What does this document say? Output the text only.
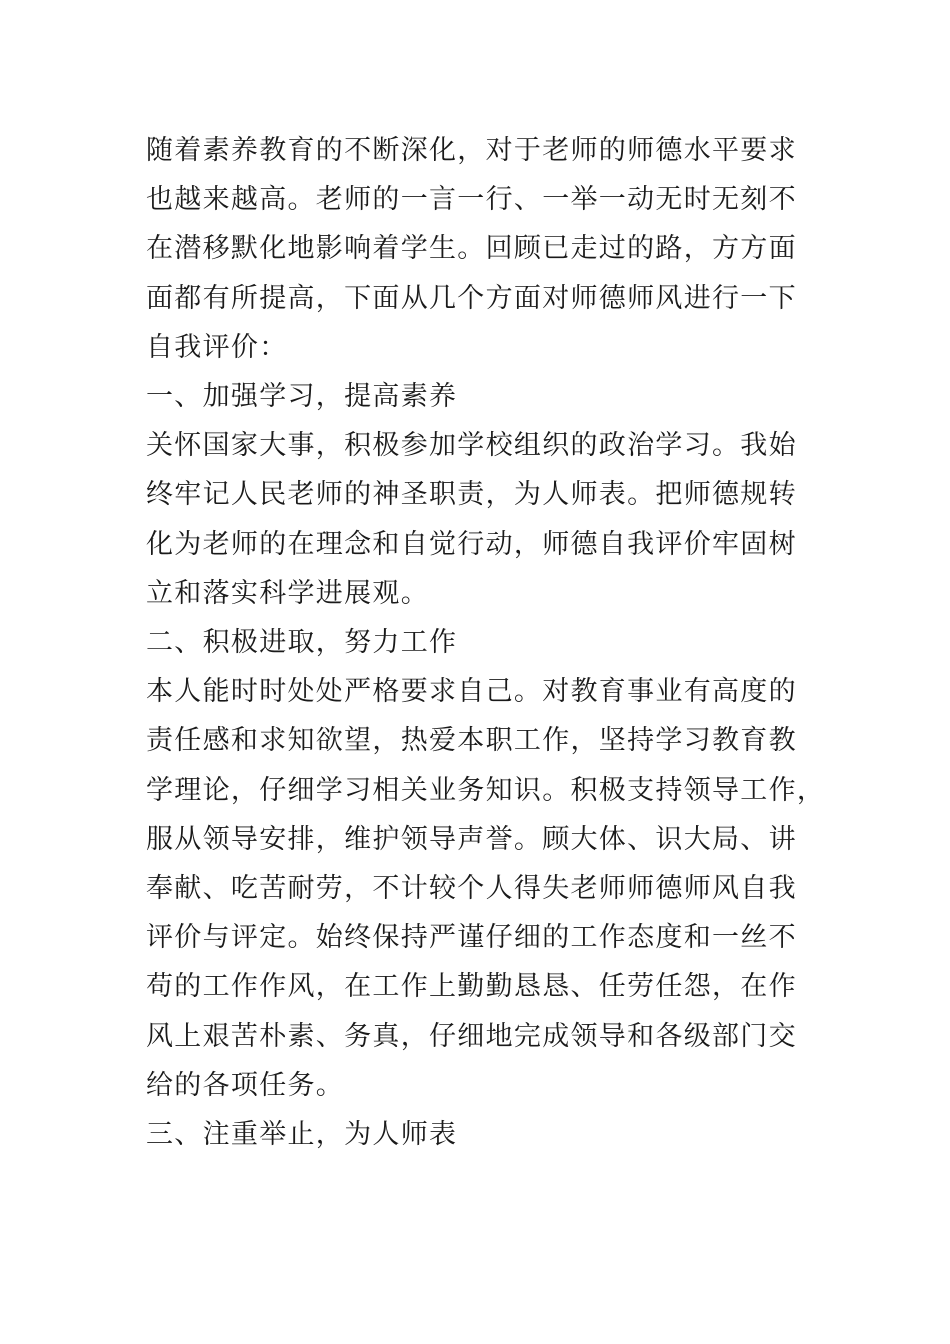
随着素养教育的不断深化，对于老师的师德水平要求
也越来越高。老师的一言一行、一举一动无时无刻不
在潜移默化地影响着学生。回顾已走过的路，方方面
面都有所提高，下面从几个方面对师德师风进行一下
自我评价：
一、加强学习，提高素养
关怀国家大事，积极参加学校组织的政治学习。我始
终牢记人民老师的神圣职责，为人师表。把师德规转
化为老师的在理念和自觉行动，师德自我评价牢固树
立和落实科学进展观。
二、积极进取，努力工作
本人能时时处处严格要求自己。对教育事业有高度的
责任感和求知欲望，热爱本职工作，坚持学习教育教
学理论，仔细学习相关业务知识。积极支持领导工作，
服从领导安排，维护领导声誉。顾大体、识大局、讲
奉献、吃苦耐劳，不计较个人得失老师师德师风自我
评价与评定。始终保持严谨仔细的工作态度和一丝不
苟的工作作风，在工作上勤勤恳恳、任劳任怨，在作
风上艰苦朴素、务真，仔细地完成领导和各级部门交
给的各项任务。
三、注重举止，为人师表
